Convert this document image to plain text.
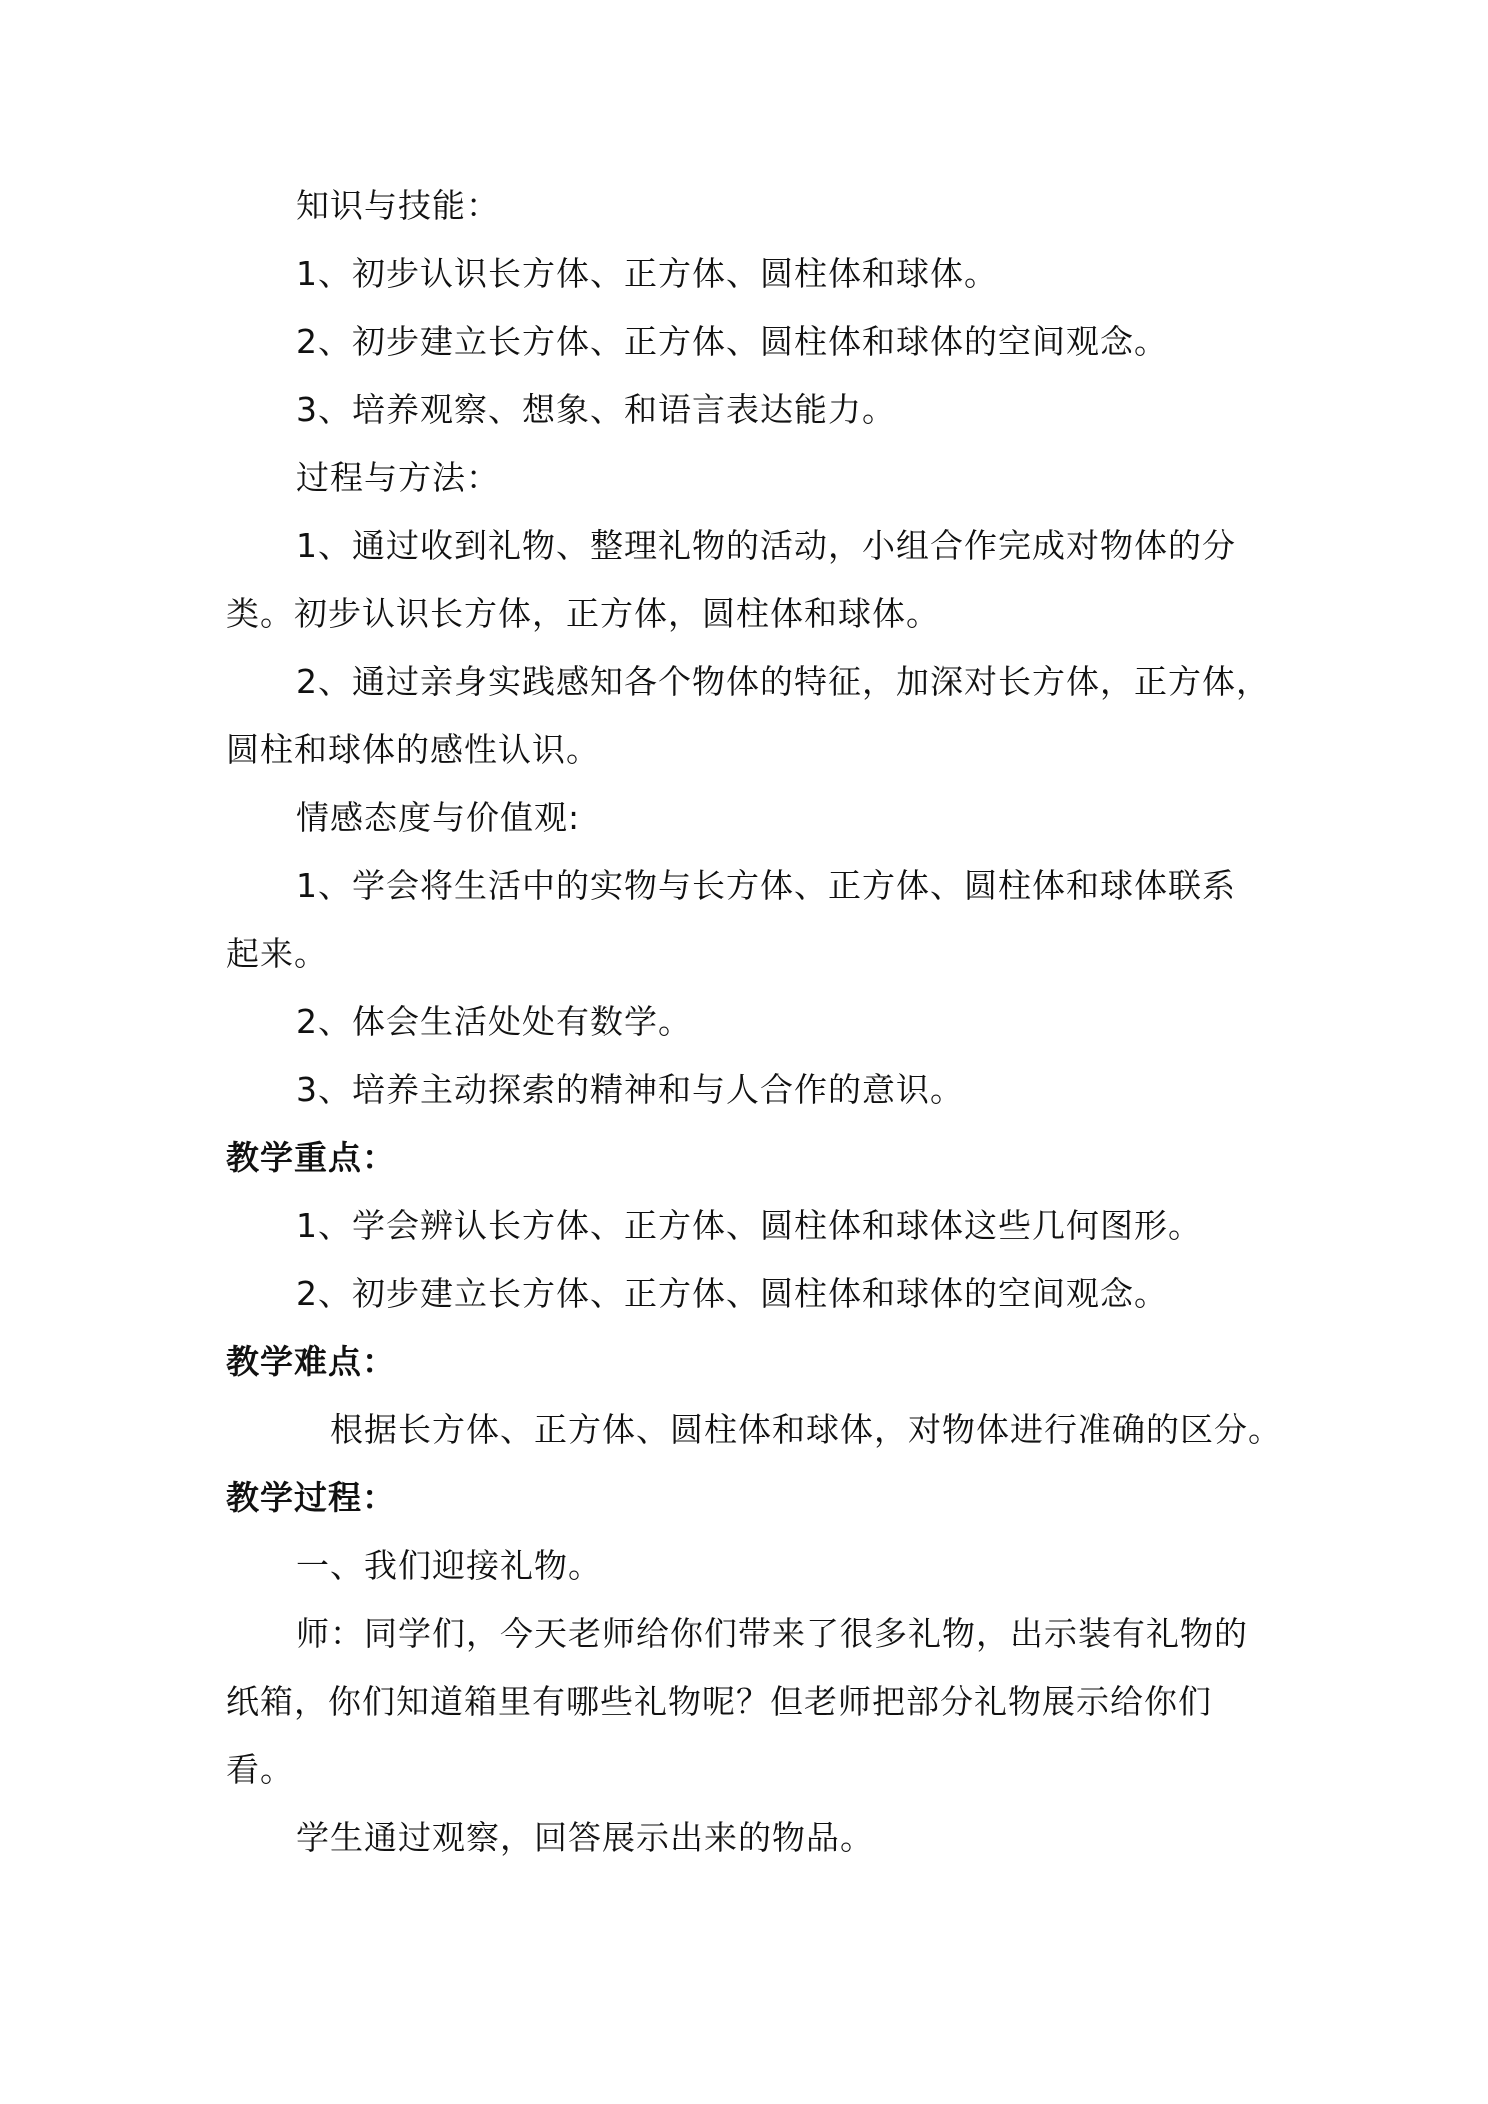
知识与技能：
1、初步认识长方体、正方体、圆柱体和球体。
2、初步建立长方体、正方体、圆柱体和球体的空间观念。
3、培养观察、想象、和语言表达能力。
过程与方法：
1、通过收到礼物、整理礼物的活动，小组合作完成对物体的分
类。初步认识长方体，正方体，圆柱体和球体。
2、通过亲身实践感知各个物体的特征，加深对长方体，正方体，
圆柱和球体的感性认识。
情感态度与价值观:
1、学会将生活中的实物与长方体、正方体、圆柱体和球体联系
起来。
2、体会生活处处有数学。
3、培养主动探索的精神和与人合作的意识。
教学重点：
1、学会辨认长方体、正方体、圆柱体和球体这些几何图形。
2、初步建立长方体、正方体、圆柱体和球体的空间观念。
教学难点：
根据长方体、正方体、圆柱体和球体，对物体进行准确的区分。
教学过程：
一、我们迎接礼物。
师：同学们，今天老师给你们带来了很多礼物，出示装有礼物的
纸箱，你们知道箱里有哪些礼物呢？但老师把部分礼物展示给你们
看。
学生通过观察，回答展示出来的物品。
